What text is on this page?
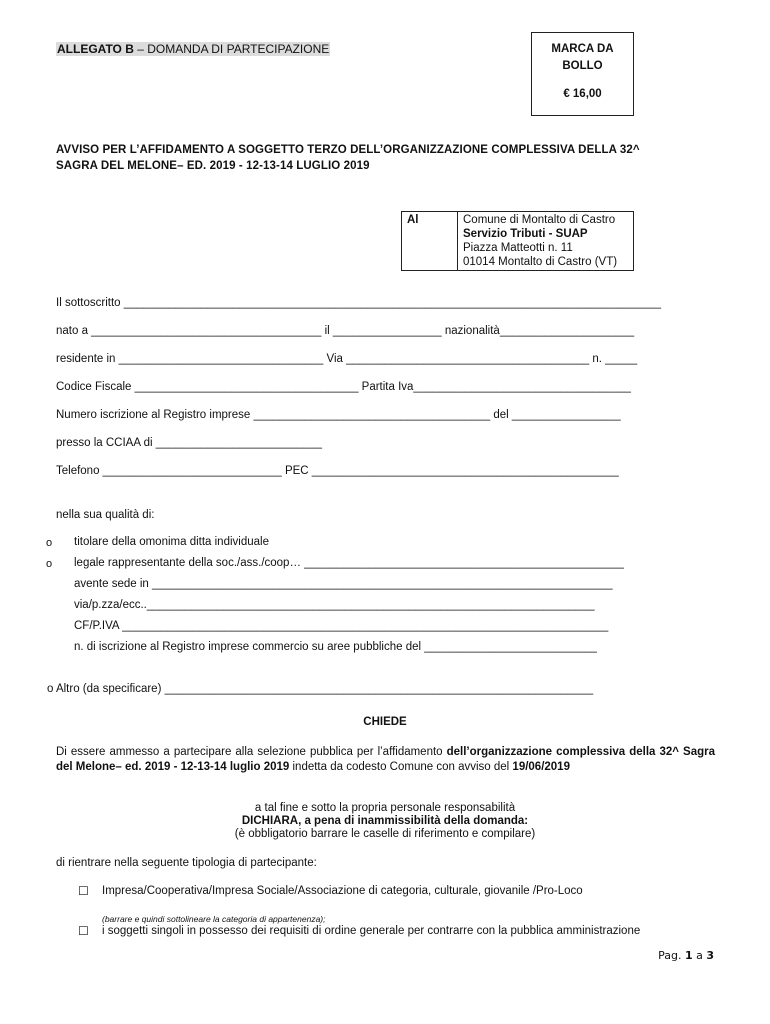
ALLEGATO B – DOMANDA DI PARTECIPAZIONE	MARCA DA
BOLLO
€ 16,00
AVVISO PER L’AFFIDAMENTO A SOGGETTO TERZO DELL’ORGANIZZAZIONE COMPLESSIVA DELLA 32^
SAGRA DEL MELONE– ED. 2019 - 12-13-14 LUGLIO 2019
Al	Comune di Montalto di Castro
Servizio Tributi - SUAP
Piazza Matteotti n. 11
01014 Montalto di Castro (VT)
Il sottoscritto ____________________________________________________________________________________
nato a ____________________________________ il _________________ nazionalità_____________________
residente in ________________________________ Via ______________________________________ n. _____
Codice Fiscale ___________________________________ Partita Iva__________________________________
Numero iscrizione al Registro imprese _____________________________________ del _________________
presso la CCIAA di __________________________
Telefono ____________________________ PEC ________________________________________________
nella sua qualità di:
o titolare della omonima ditta individuale
o legale rappresentante della soc./ass./coop… __________________________________________________
avente sede in ________________________________________________________________________
via/p.zza/ecc..______________________________________________________________________
CF/P.IVA ____________________________________________________________________________
n. di iscrizione al Registro imprese commercio su aree pubbliche del ___________________________
o Altro (da specificare) ___________________________________________________________________
CHIEDE
Di essere ammesso a partecipare alla selezione pubblica per l’affidamento dell’organizzazione complessiva della 32^ Sagra del Melone– ed. 2019 - 12-13-14 luglio 2019 indetta da codesto Comune con avviso del 19/06/2019
a tal fine e sotto la propria personale responsabilità
DICHIARA, a pena di inammissibilità della domanda:
(è obbligatorio barrare le caselle di riferimento e compilare)
di rientrare nella seguente tipologia di partecipante:
☐ Impresa/Cooperativa/Impresa Sociale/Associazione di categoria, culturale, giovanile /Pro-Loco
(barrare e quindi sottolineare la categoria di appartenenza);
☐ i soggetti singoli in possesso dei requisiti di ordine generale per contrarre con la pubblica amministrazione
Pag. 1 a 3
